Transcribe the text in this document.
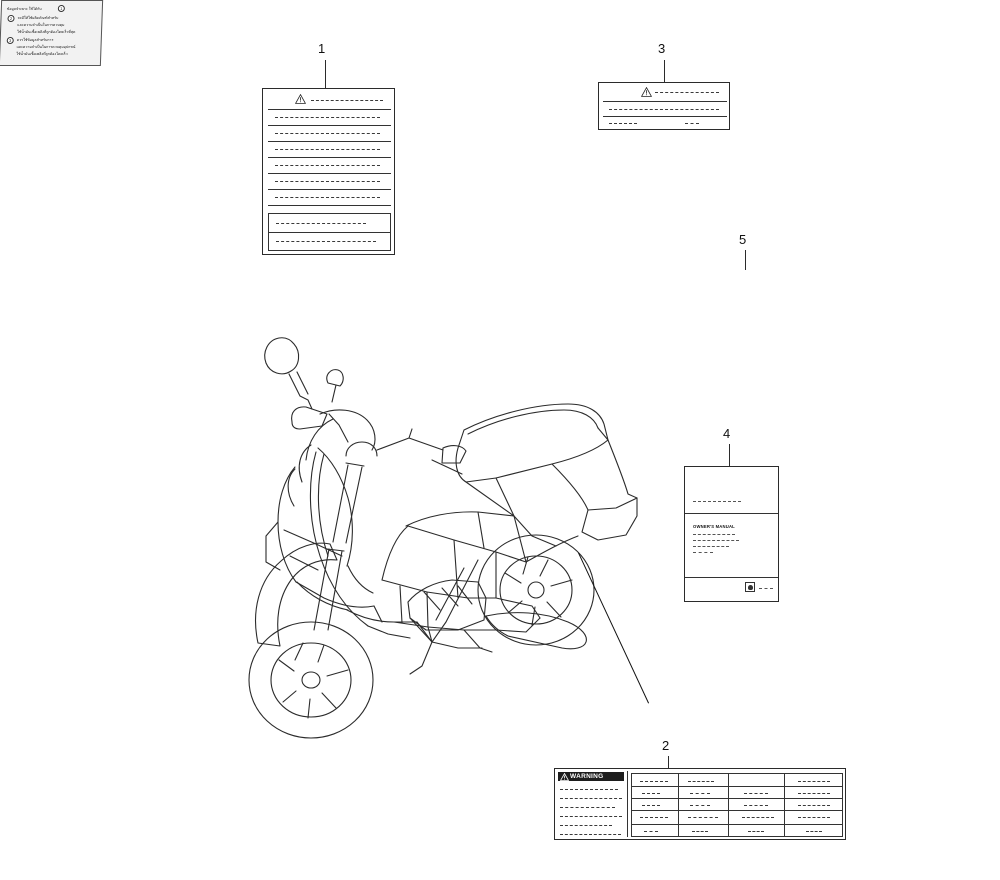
1	3
5
ข้อมูลจำเพาะ ใช้ได้กับ	1
2	จะมีให้ใช้ผลิตภัณฑ์สำหรับ
และความจำเป็นในการควบคุม
ใช้น้ำมันเชื้อเพลิงที่ถูกต้องโดยเร็วที่สุด
3	ควรใช้ข้อมูลสำหรับการ
และความจำเป็นในการควบคุมอุปกรณ์
ใช้น้ำมันเชื้อเพลิงที่ถูกต้องโดยเร็ว
4
OWNER'S MANUAL
2
WARNING
